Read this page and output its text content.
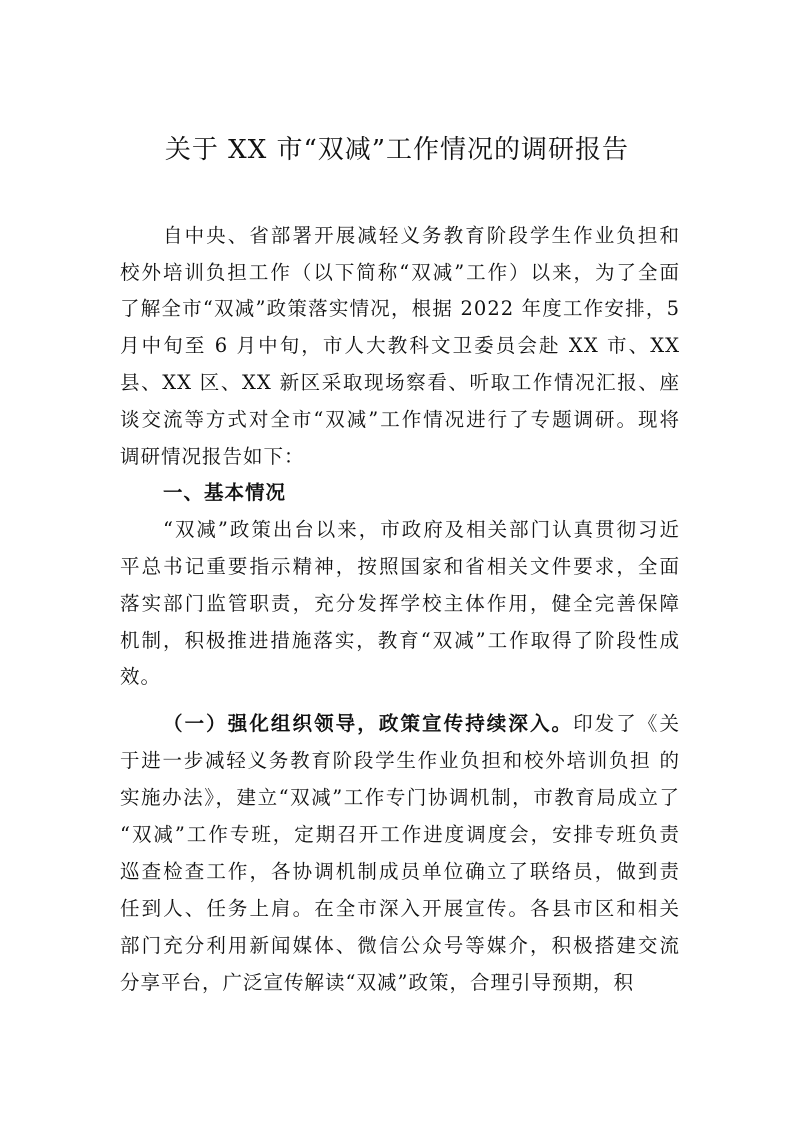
关于 XX 市“双减”工作情况的调研报告
自中央、省部署开展减轻义务教育阶段学生作业负担和
校外培训负担工作（以下简称“双减”工作）以来，为了全面
了解全市“双减”政策落实情况，根据 2022 年度工作安排，5
月中旬至 6 月中旬，市人大教科文卫委员会赴 XX 市、XX
县、XX 区、XX 新区采取现场察看、听取工作情况汇报、座
谈交流等方式对全市“双减”工作情况进行了专题调研。现将
调研情况报告如下：
一、基本情况
“双减”政策出台以来，市政府及相关部门认真贯彻习近
平总书记重要指示精神，按照国家和省相关文件要求，全面
落实部门监管职责，充分发挥学校主体作用，健全完善保障
机制，积极推进措施落实，教育“双减”工作取得了阶段性成
效。
（一）强化组织领导，政策宣传持续深入。印发了《关
于进一步减轻义务教育阶段学生作业负担和校外培训负担 的
实施办法》，建立“双减”工作专门协调机制，市教育局成立了
“双减”工作专班，定期召开工作进度调度会，安排专班负责
巡查检查工作，各协调机制成员单位确立了联络员，做到责
任到人、任务上肩。在全市深入开展宣传。各县市区和相关
部门充分利用新闻媒体、微信公众号等媒介，积极搭建交流
分享平台，广泛宣传解读“双减”政策，合理引导预期，积
